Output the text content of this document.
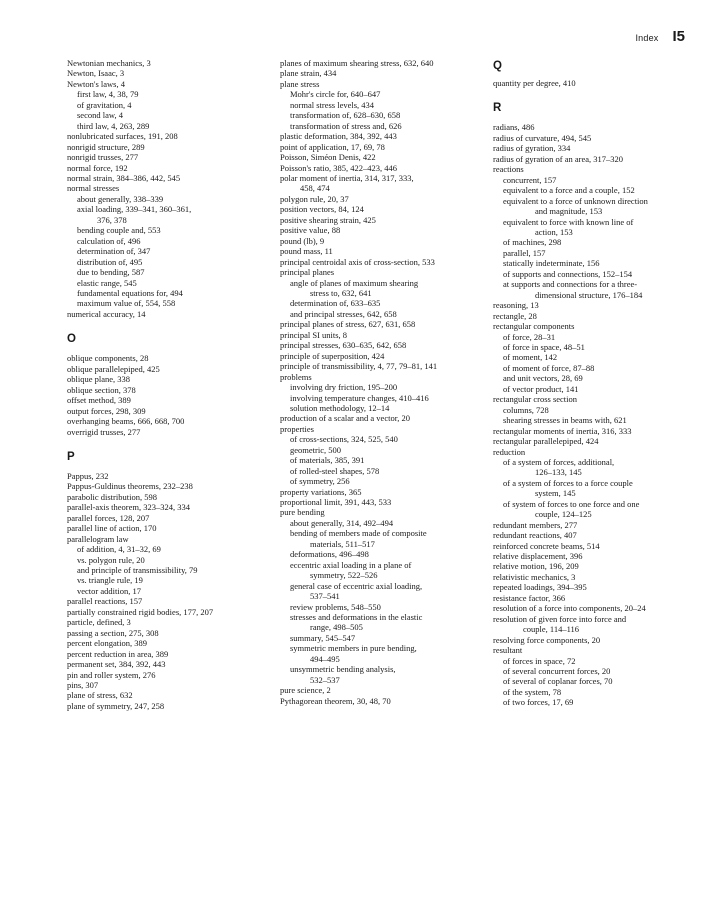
Index I5
Newtonian mechanics, 3
Newton, Isaac, 3
Newton's laws, 4
first law, 4, 38, 79
of gravitation, 4
second law, 4
third law, 4, 263, 289
nonlubricated surfaces, 191, 208
nonrigid structure, 289
nonrigid trusses, 277
normal force, 192
normal strain, 384–386, 442, 545
normal stresses
about generally, 338–339
axial loading, 339–341, 360–361,
376, 378
bending couple and, 553
calculation of, 496
determination of, 347
distribution of, 495
due to bending, 587
elastic range, 545
fundamental equations for, 494
maximum value of, 554, 558
numerical accuracy, 14
O
oblique components, 28
oblique parallelepiped, 425
oblique plane, 338
oblique section, 378
offset method, 389
output forces, 298, 309
overhanging beams, 666, 668, 700
overrigid trusses, 277
P
Pappus, 232
Pappus-Guldinus theorems, 232–238
parabolic distribution, 598
parallel-axis theorem, 323–324, 334
parallel forces, 128, 207
parallel line of action, 170
parallelogram law
of addition, 4, 31–32, 69
vs. polygon rule, 20
and principle of transmissibility, 79
vs. triangle rule, 19
vector addition, 17
parallel reactions, 157
partially constrained rigid bodies, 177, 207
particle, defined, 3
passing a section, 275, 308
percent elongation, 389
percent reduction in area, 389
permanent set, 384, 392, 443
pin and roller system, 276
pins, 307
plane of stress, 632
plane of symmetry, 247, 258
planes of maximum shearing stress, 632, 640
plane strain, 434
plane stress
Mohr's circle for, 640–647
normal stress levels, 434
transformation of, 628–630, 658
transformation of stress and, 626
plastic deformation, 384, 392, 443
point of application, 17, 69, 78
Poisson, Siméon Denis, 422
Poisson's ratio, 385, 422–423, 446
polar moment of inertia, 314, 317, 333,
458, 474
polygon rule, 20, 37
position vectors, 84, 124
positive shearing strain, 425
positive value, 88
pound (lb), 9
pound mass, 11
principal centroidal axis of cross-section, 533
principal planes
angle of planes of maximum shearing
stress to, 632, 641
determination of, 633–635
and principal stresses, 642, 658
principal planes of stress, 627, 631, 658
principal SI units, 8
principal stresses, 630–635, 642, 658
principle of superposition, 424
principle of transmissibility, 4, 77, 79–81, 141
problems
involving dry friction, 195–200
involving temperature changes, 410–416
solution methodology, 12–14
production of a scalar and a vector, 20
properties
of cross-sections, 324, 525, 540
geometric, 500
of materials, 385, 391
of rolled-steel shapes, 578
of symmetry, 256
property variations, 365
proportional limit, 391, 443, 533
pure bending
about generally, 314, 492–494
bending of members made of composite
materials, 511–517
deformations, 496–498
eccentric axial loading in a plane of
symmetry, 522–526
general case of eccentric axial loading,
537–541
review problems, 548–550
stresses and deformations in the elastic
range, 498–505
summary, 545–547
symmetric members in pure bending,
494–495
unsymmetric bending analysis,
532–537
pure science, 2
Pythagorean theorem, 30, 48, 70
Q
quantity per degree, 410
R
radians, 486
radius of curvature, 494, 545
radius of gyration, 334
radius of gyration of an area, 317–320
reactions
concurrent, 157
equivalent to a force and a couple, 152
equivalent to a force of unknown direction
and magnitude, 153
equivalent to force with known line of
action, 153
of machines, 298
parallel, 157
statically indeterminate, 156
of supports and connections, 152–154
at supports and connections for a three-
dimensional structure, 176–184
reasoning, 13
rectangle, 28
rectangular components
of force, 28–31
of force in space, 48–51
of moment, 142
of moment of force, 87–88
and unit vectors, 28, 69
of vector product, 141
rectangular cross section
columns, 728
shearing stresses in beams with, 621
rectangular moments of inertia, 316, 333
rectangular parallelepiped, 424
reduction
of a system of forces, additional,
126–133, 145
of a system of forces to a force couple
system, 145
of system of forces to one force and one
couple, 124–125
redundant members, 277
redundant reactions, 407
reinforced concrete beams, 514
relative displacement, 396
relative motion, 196, 209
relativistic mechanics, 3
repeated loadings, 394–395
resistance factor, 366
resolution of a force into components, 20–24
resolution of given force into force and
couple, 114–116
resolving force components, 20
resultant
of forces in space, 72
of several concurrent forces, 20
of several of coplanar forces, 70
of the system, 78
of two forces, 17, 69
